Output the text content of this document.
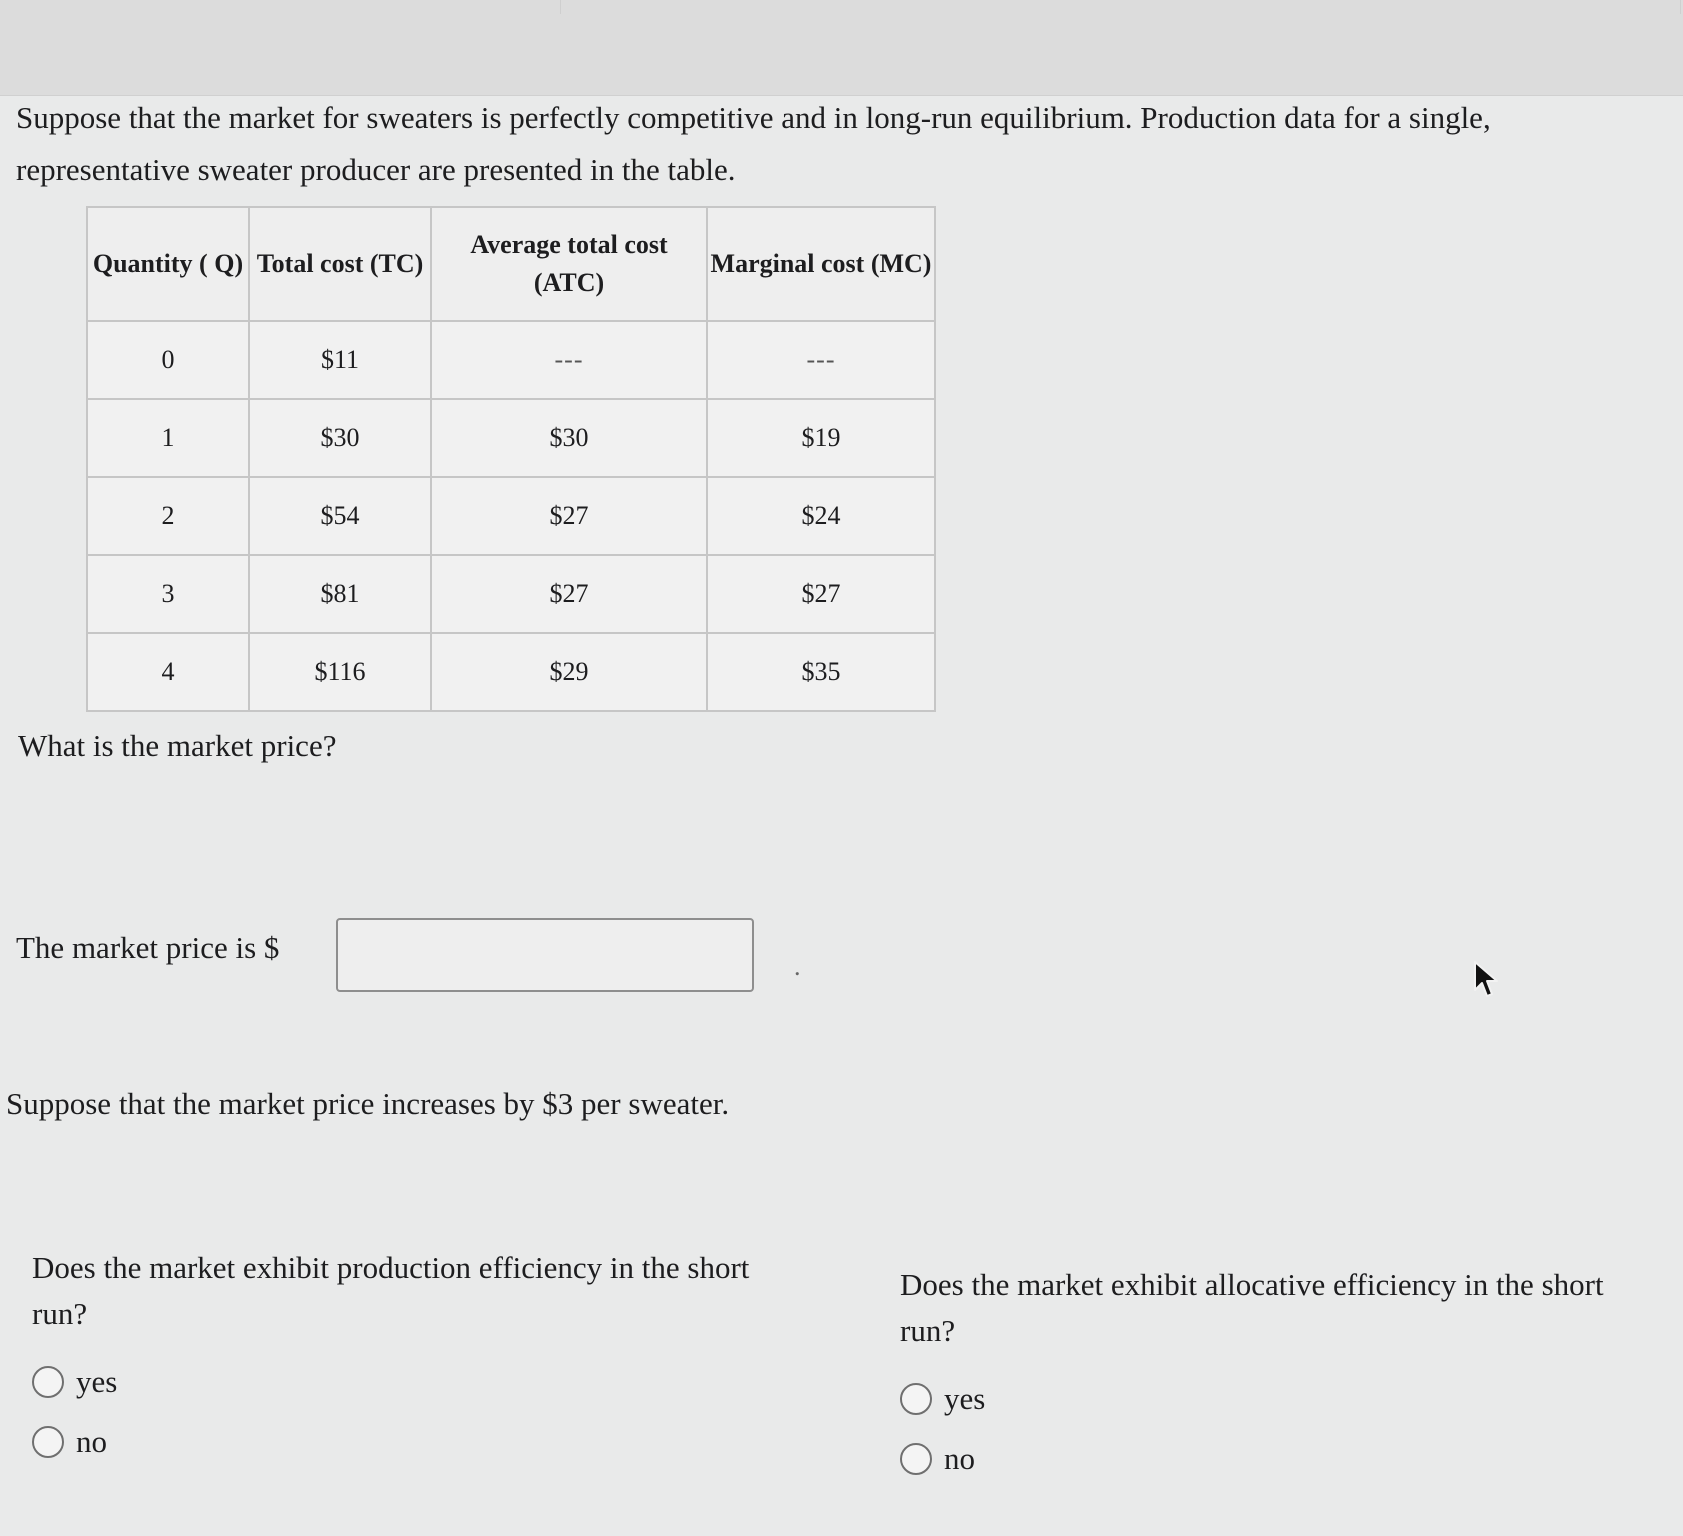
Suppose that the market for sweaters is perfectly competitive and in long-run equilibrium. Production data for a single, representative sweater producer are presented in the table.
Quantity ( Q)	Total cost (TC)	Average total cost (ATC)	Marginal cost (MC)
0	$11	---	---
1	$30	$30	$19
2	$54	$27	$24
3	$81	$27	$27
4	$116	$29	$35
What is the market price?
The market price is $
.
Suppose that the market price increases by $3 per sweater.
Does the market exhibit production efficiency in the short run?
yes
no
Does the market exhibit allocative efficiency in the short run?
yes
no
